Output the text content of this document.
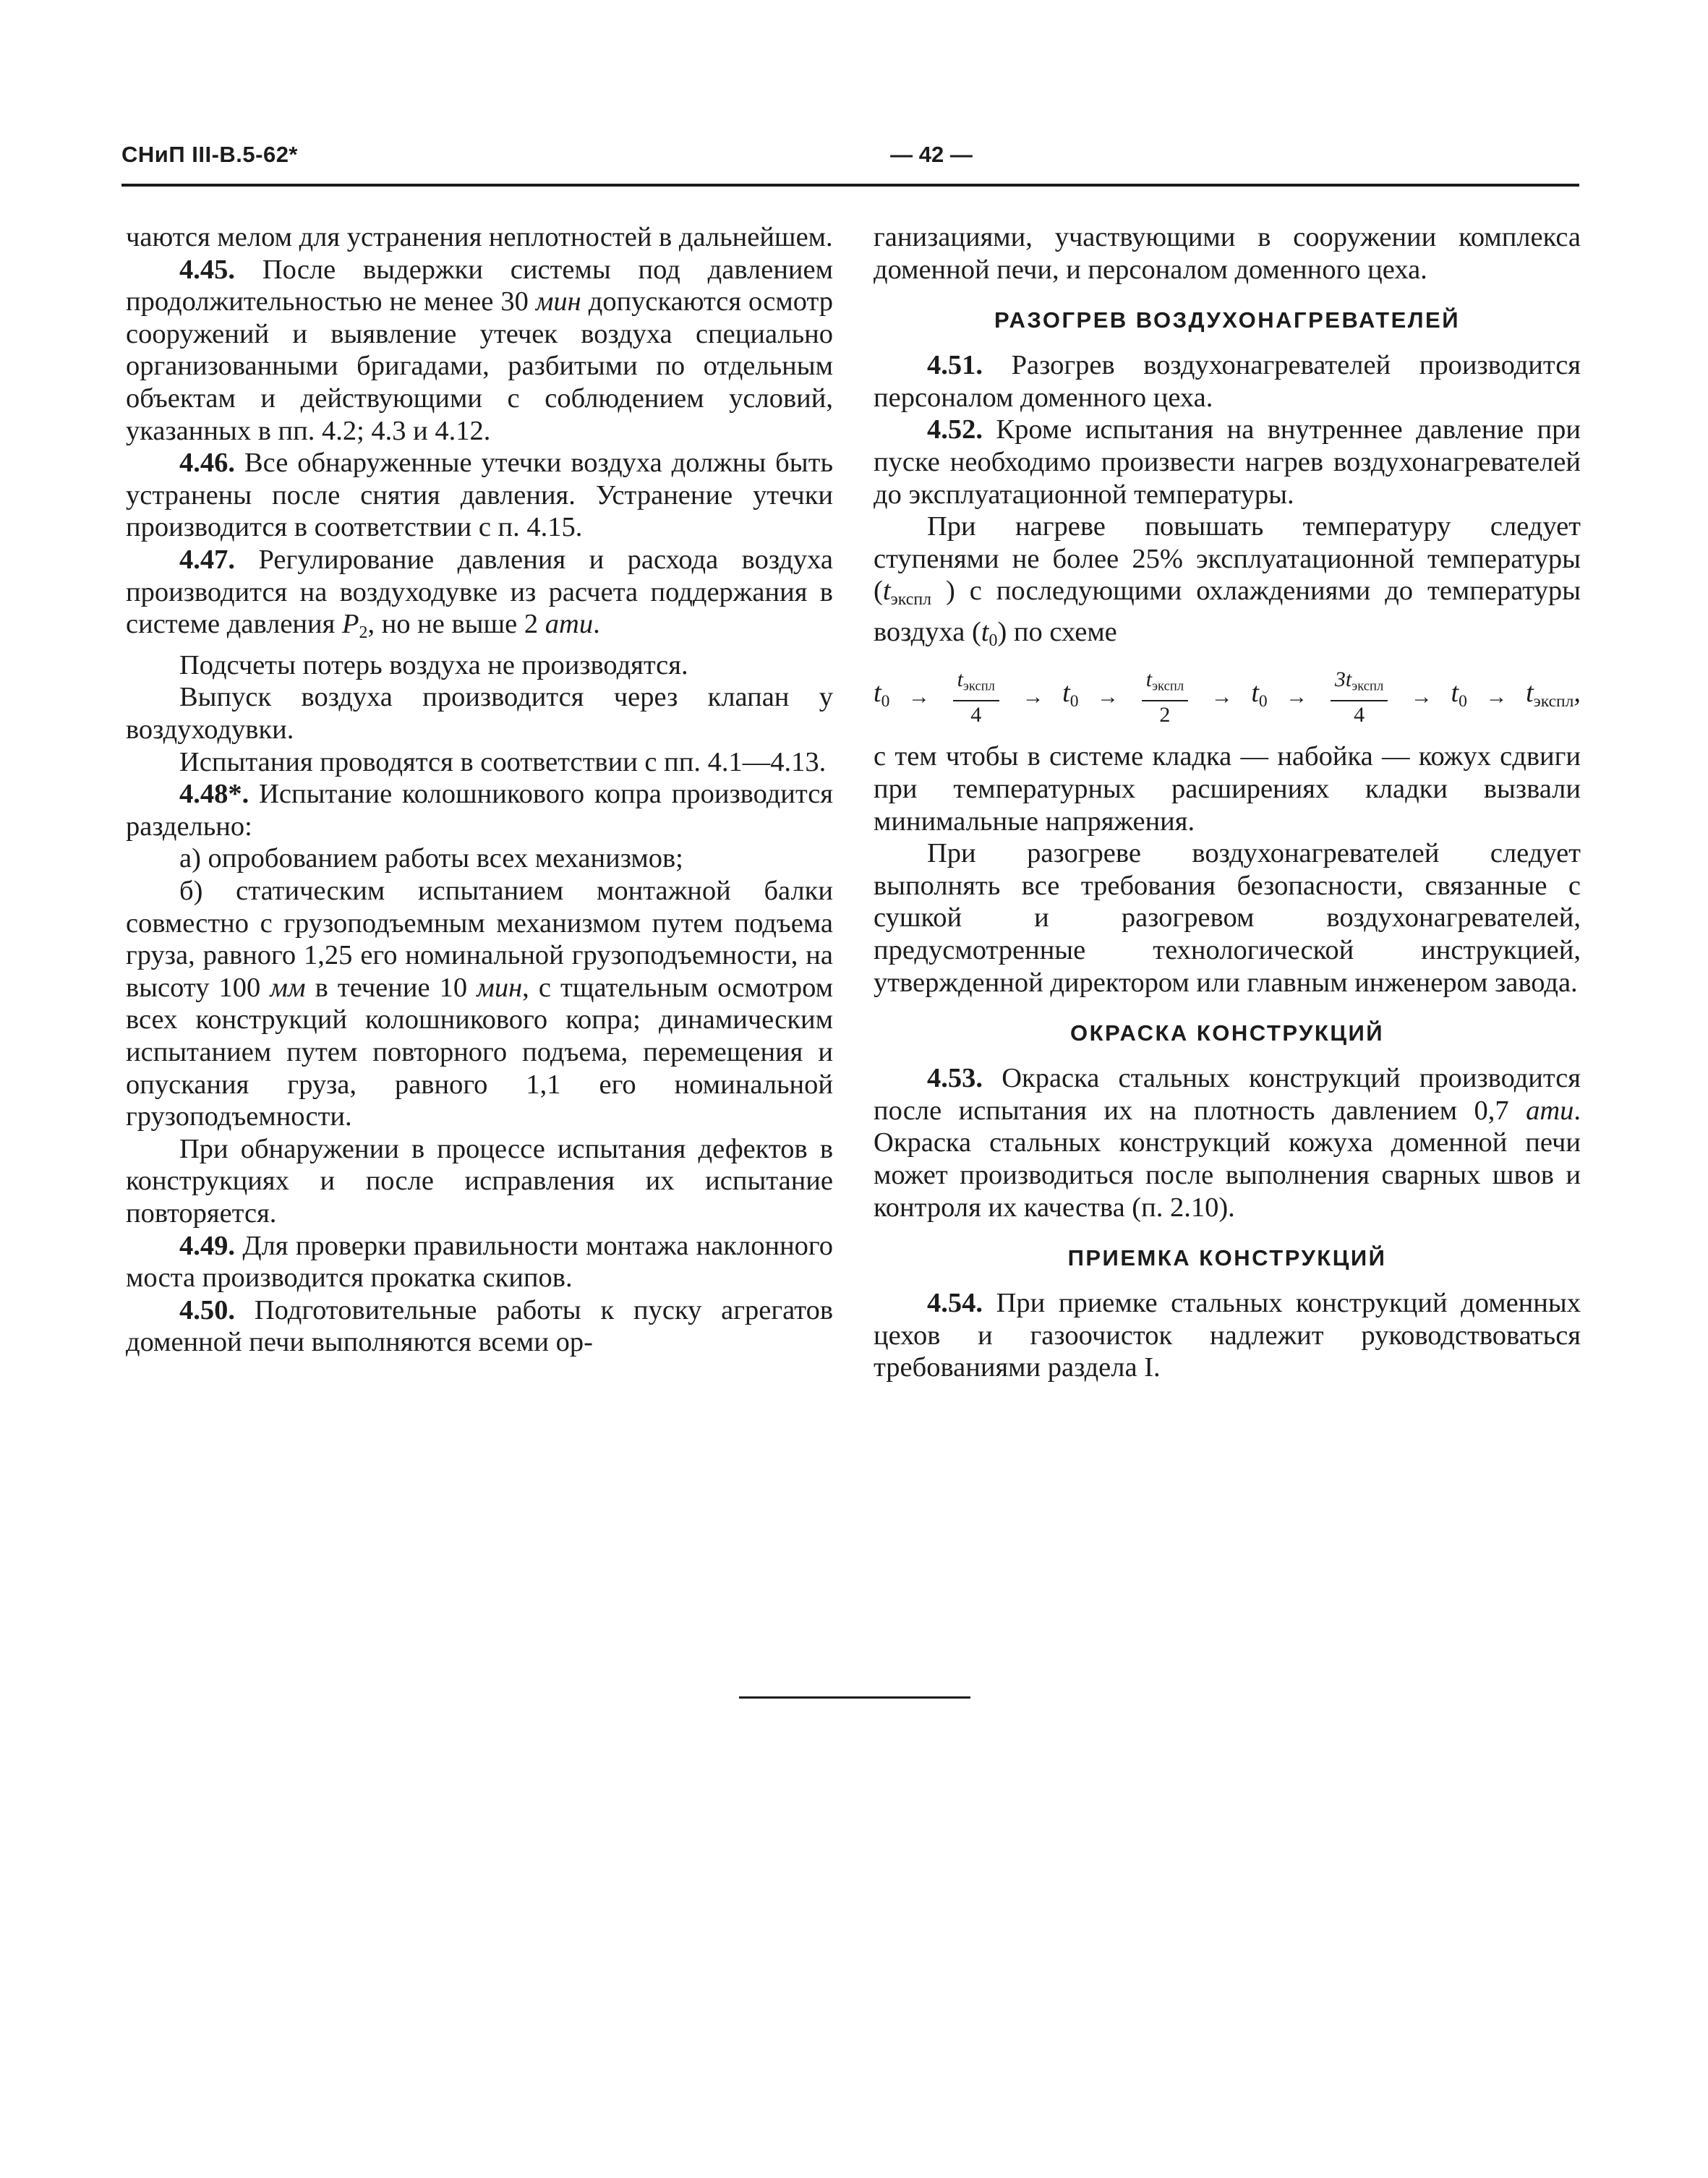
СНиП III-В.5-62*	— 42 —

чаются мелом для устранения неплотностей в дальнейшем.

4.45. После выдержки системы под давлением продолжительностью не менее 30 мин допускаются осмотр сооружений и выявление утечек воздуха специально организованными бригадами, разбитыми по отдельным объектам и действующими с соблюдением условий, указанных в пп. 4.2; 4.3 и 4.12.

4.46. Все обнаруженные утечки воздуха должны быть устранены после снятия давления. Устранение утечки производится в соответствии с п. 4.15.

4.47. Регулирование давления и расхода воздуха производится на воздуходувке из расчета поддержания в системе давления $P_2$, но не выше 2 ати.

Подсчеты потерь воздуха не производятся.

Выпуск воздуха производится через клапан у воздуходувки.

Испытания проводятся в соответствии с пп. 4.1—4.13.

4.48*. Испытание колошникового копра производится раздельно:

а) опробованием работы всех механизмов;

б) статическим испытанием монтажной балки совместно с грузоподъемным механизмом путем подъема груза, равного 1,25 его номинальной грузоподъемности, на высоту 100 мм в течение 10 мин, с тщательным осмотром всех конструкций колошникового копра; динамическим испытанием путем повторного подъема, перемещения и опускания груза, равного 1,1 его номинальной грузоподъемности.

При обнаружении в процессе испытания дефектов в конструкциях и после исправления их испытание повторяется.

4.49. Для проверки правильности монтажа наклонного моста производится прокатка скипов.

4.50. Подготовительные работы к пуску агрегатов доменной печи выполняются всеми ор-

ганизациями, участвующими в сооружении комплекса доменной печи, и персоналом доменного цеха.

РАЗОГРЕВ ВОЗДУХОНАГРЕВАТЕЛЕЙ

4.51. Разогрев воздухонагревателей производится персоналом доменного цеха.

4.52. Кроме испытания на внутреннее давление при пуске необходимо произвести нагрев воздухонагревателей до эксплуатационной температуры.

При нагреве повышать температуру следует ступенями не более 25% эксплуатационной температуры ($t_{экспл}$ ) с последующими охлаждениями до температуры воздуха $(t_0)$ по схеме

$t_0 \to \frac{t_{экспл}}{4} \to t_0 \to \frac{t_{экспл}}{2} \to t_0 \to \frac{3t_{экспл}}{4} \to t_0 \to t_{экспл}$,

с тем чтобы в системе кладка — набойка — кожух сдвиги при температурных расширениях кладки вызвали минимальные напряжения.

При разогреве воздухонагревателей следует выполнять все требования безопасности, связанные с сушкой и разогревом воздухонагревателей, предусмотренные технологической инструкцией, утвержденной директором или главным инженером завода.

ОКРАСКА КОНСТРУКЦИЙ

4.53. Окраска стальных конструкций производится после испытания их на плотность давлением 0,7 ати. Окраска стальных конструкций кожуха доменной печи может производиться после выполнения сварных швов и контроля их качества (п. 2.10).

ПРИЕМКА КОНСТРУКЦИЙ

4.54. При приемке стальных конструкций доменных цехов и газоочисток надлежит руководствоваться требованиями раздела I.
